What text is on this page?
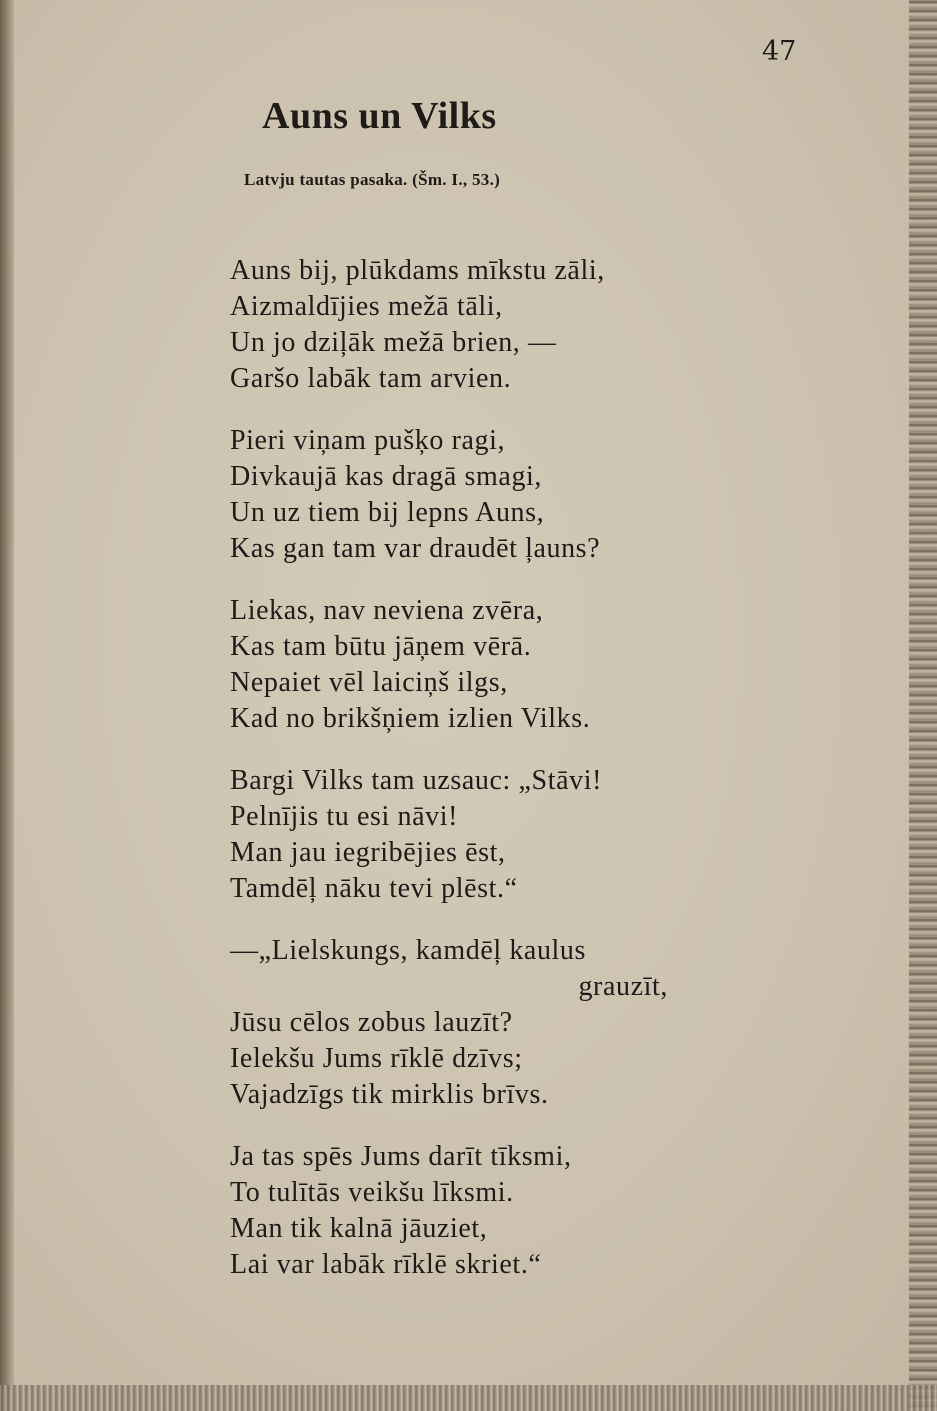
47
Auns un Vilks
Latvju tautas pasaka. (Šm. I., 53.)
Auns bij, plūkdams mīkstu zāli,
Aizmaldījies mežā tāli,
Un jo dziļāk mežā brien, —
Garšo labāk tam arvien.
Pieri viņam pušķo ragi,
Divkaujā kas dragā smagi,
Un uz tiem bij lepns Auns,
Kas gan tam var draudēt ļauns?
Liekas, nav neviena zvēra,
Kas tam būtu jāņem vērā.
Nepaiet vēl laiciņš ilgs,
Kad no brikšņiem izlien Vilks.
Bargi Vilks tam uzsauc: „Stāvi!
Pelnījis tu esi nāvi!
Man jau iegribējies ēst,
Tamdēļ nāku tevi plēst.“
—„Lielskungs, kamdēļ kaulus
grauzīt,
Jūsu cēlos zobus lauzīt?
Ielekšu Jums rīklē dzīvs;
Vajadzīgs tik mirklis brīvs.
Ja tas spēs Jums darīt tīksmi,
To tulītās veikšu līksmi.
Man tik kalnā jāuziet,
Lai var labāk rīklē skriet.“
